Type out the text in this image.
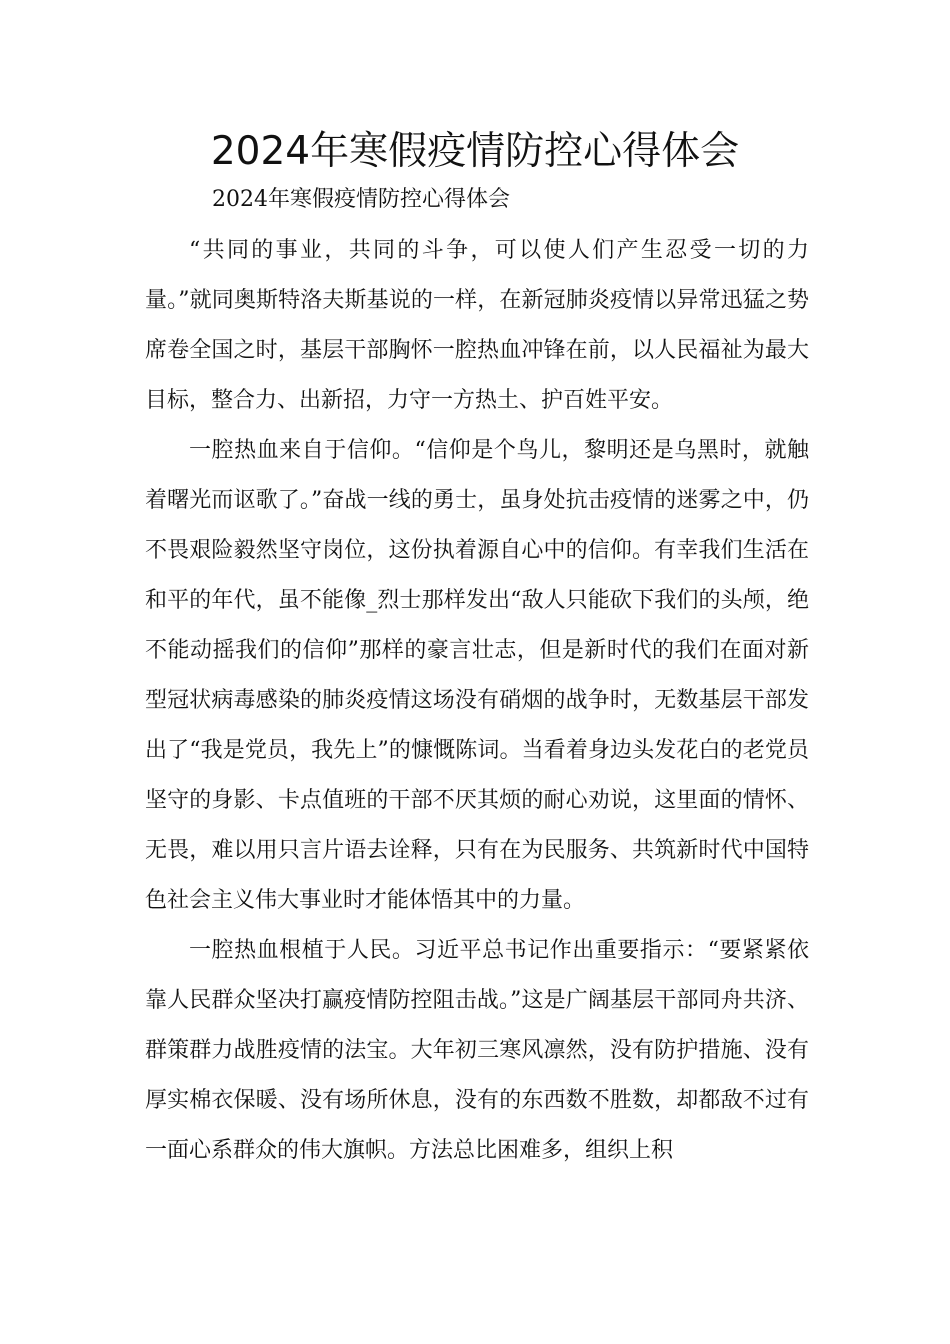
2024年寒假疫情防控心得体会

2024年寒假疫情防控心得体会

“共同的事业，共同的斗争，可以使人们产生忍受一切的力量。”就同奥斯特洛夫斯基说的一样，在新冠肺炎疫情以异常迅猛之势席卷全国之时，基层干部胸怀一腔热血冲锋在前，以人民福祉为最大目标，整合力、出新招，力守一方热土、护百姓平安。

一腔热血来自于信仰。“信仰是个鸟儿，黎明还是乌黑时，就触着曙光而讴歌了。”奋战一线的勇士，虽身处抗击疫情的迷雾之中，仍不畏艰险毅然坚守岗位，这份执着源自心中的信仰。有幸我们生活在和平的年代，虽不能像_烈士那样发出“敌人只能砍下我们的头颅，绝不能动摇我们的信仰”那样的豪言壮志，但是新时代的我们在面对新型冠状病毒感染的肺炎疫情这场没有硝烟的战争时，无数基层干部发出了“我是党员，我先上”的慷慨陈词。当看着身边头发花白的老党员坚守的身影、卡点值班的干部不厌其烦的耐心劝说，这里面的情怀、无畏，难以用只言片语去诠释，只有在为民服务、共筑新时代中国特色社会主义伟大事业时才能体悟其中的力量。

一腔热血根植于人民。习近平总书记作出重要指示：“要紧紧依靠人民群众坚决打赢疫情防控阻击战。”这是广阔基层干部同舟共济、群策群力战胜疫情的法宝。大年初三寒风凛然，没有防护措施、没有厚实棉衣保暖、没有场所休息，没有的东西数不胜数，却都敌不过有一面心系群众的伟大旗帜。方法总比困难多，组织上积
